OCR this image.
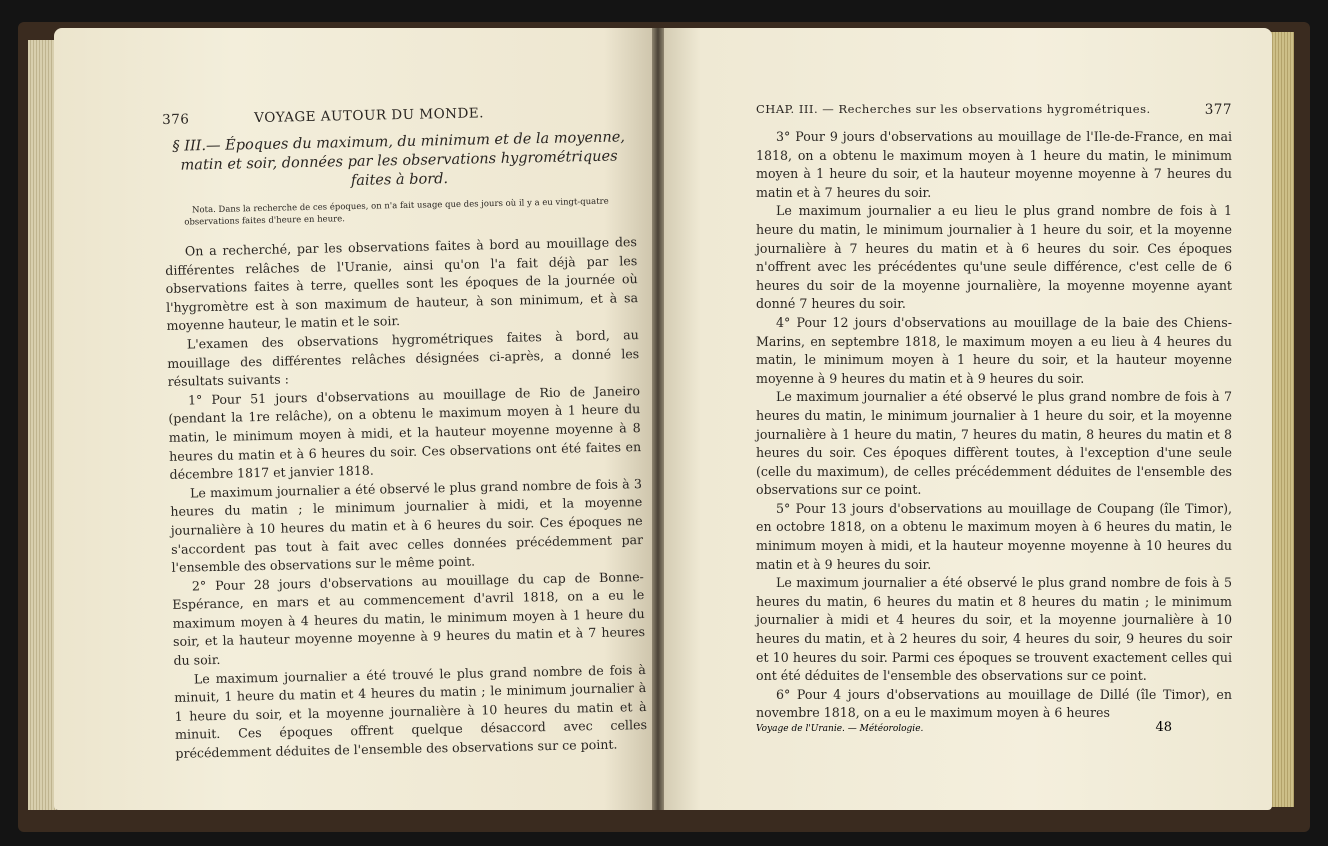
376	VOYAGE AUTOUR DU MONDE.
§ III.— Époques du maximum, du minimum et de la moyenne, matin et soir, données par les observations hygrométriques faites à bord.
Nota. Dans la recherche de ces époques, on n'a fait usage que des jours où il y a eu vingt-quatre observations faites d'heure en heure.

On a recherché, par les observations faites à bord au mouillage des différentes relâches de l'Uranie, ainsi qu'on l'a fait déjà par les observations faites à terre, quelles sont les époques de la journée où l'hygromètre est à son maximum de hauteur, à son minimum, et à sa moyenne hauteur, le matin et le soir.

L'examen des observations hygrométriques faites à bord, au mouillage des différentes relâches désignées ci-après, a donné les résultats suivants :

1° Pour 51 jours d'observations au mouillage de Rio de Janeiro (pendant la 1re relâche), on a obtenu le maximum moyen à 1 heure du matin, le minimum moyen à midi, et la hauteur moyenne moyenne à 8 heures du matin et à 6 heures du soir. Ces observations ont été faites en décembre 1817 et janvier 1818.

Le maximum journalier a été observé le plus grand nombre de fois à 3 heures du matin ; le minimum journalier à midi, et la moyenne journalière à 10 heures du matin et à 6 heures du soir. Ces époques ne s'accordent pas tout à fait avec celles données précédemment par l'ensemble des observations sur le même point.

2° Pour 28 jours d'observations au mouillage du cap de Bonne-Espérance, en mars et au commencement d'avril 1818, on a eu le maximum moyen à 4 heures du matin, le minimum moyen à 1 heure du soir, et la hauteur moyenne moyenne à 9 heures du matin et à 7 heures du soir.

Le maximum journalier a été trouvé le plus grand nombre de fois à minuit, 1 heure du matin et 4 heures du matin ; le minimum journalier à 1 heure du soir, et la moyenne journalière à 10 heures du matin et à minuit. Ces époques offrent quelque désaccord avec celles précédemment déduites de l'ensemble des observations sur ce point.

CHAP. III. — Recherches sur les observations hygrométriques.	377

3° Pour 9 jours d'observations au mouillage de l'Ile-de-France, en mai 1818, on a obtenu le maximum moyen à 1 heure du matin, le minimum moyen à 1 heure du soir, et la hauteur moyenne moyenne à 7 heures du matin et à 7 heures du soir.

Le maximum journalier a eu lieu le plus grand nombre de fois à 1 heure du matin, le minimum journalier à 1 heure du soir, et la moyenne journalière à 7 heures du matin et à 6 heures du soir. Ces époques n'offrent avec les précédentes qu'une seule différence, c'est celle de 6 heures du soir de la moyenne journalière, la moyenne moyenne ayant donné 7 heures du soir.

4° Pour 12 jours d'observations au mouillage de la baie des Chiens-Marins, en septembre 1818, le maximum moyen a eu lieu à 4 heures du matin, le minimum moyen à 1 heure du soir, et la hauteur moyenne moyenne à 9 heures du matin et à 9 heures du soir.

Le maximum journalier a été observé le plus grand nombre de fois à 7 heures du matin, le minimum journalier à 1 heure du soir, et la moyenne journalière à 1 heure du matin, 7 heures du matin, 8 heures du matin et 8 heures du soir. Ces époques diffèrent toutes, à l'exception d'une seule (celle du maximum), de celles précédemment déduites de l'ensemble des observations sur ce point.

5° Pour 13 jours d'observations au mouillage de Coupang (île Timor), en octobre 1818, on a obtenu le maximum moyen à 6 heures du matin, le minimum moyen à midi, et la hauteur moyenne moyenne à 10 heures du matin et à 9 heures du soir.

Le maximum journalier a été observé le plus grand nombre de fois à 5 heures du matin, 6 heures du matin et 8 heures du matin ; le minimum journalier à midi et 4 heures du soir, et la moyenne journalière à 10 heures du matin, et à 2 heures du soir, 4 heures du soir, 9 heures du soir et 10 heures du soir. Parmi ces époques se trouvent exactement celles qui ont été déduites de l'ensemble des observations sur ce point.

6° Pour 4 jours d'observations au mouillage de Dillé (île Timor), en novembre 1818, on a eu le maximum moyen à 6 heures

Voyage de l'Uranie. — Météorologie.	48
